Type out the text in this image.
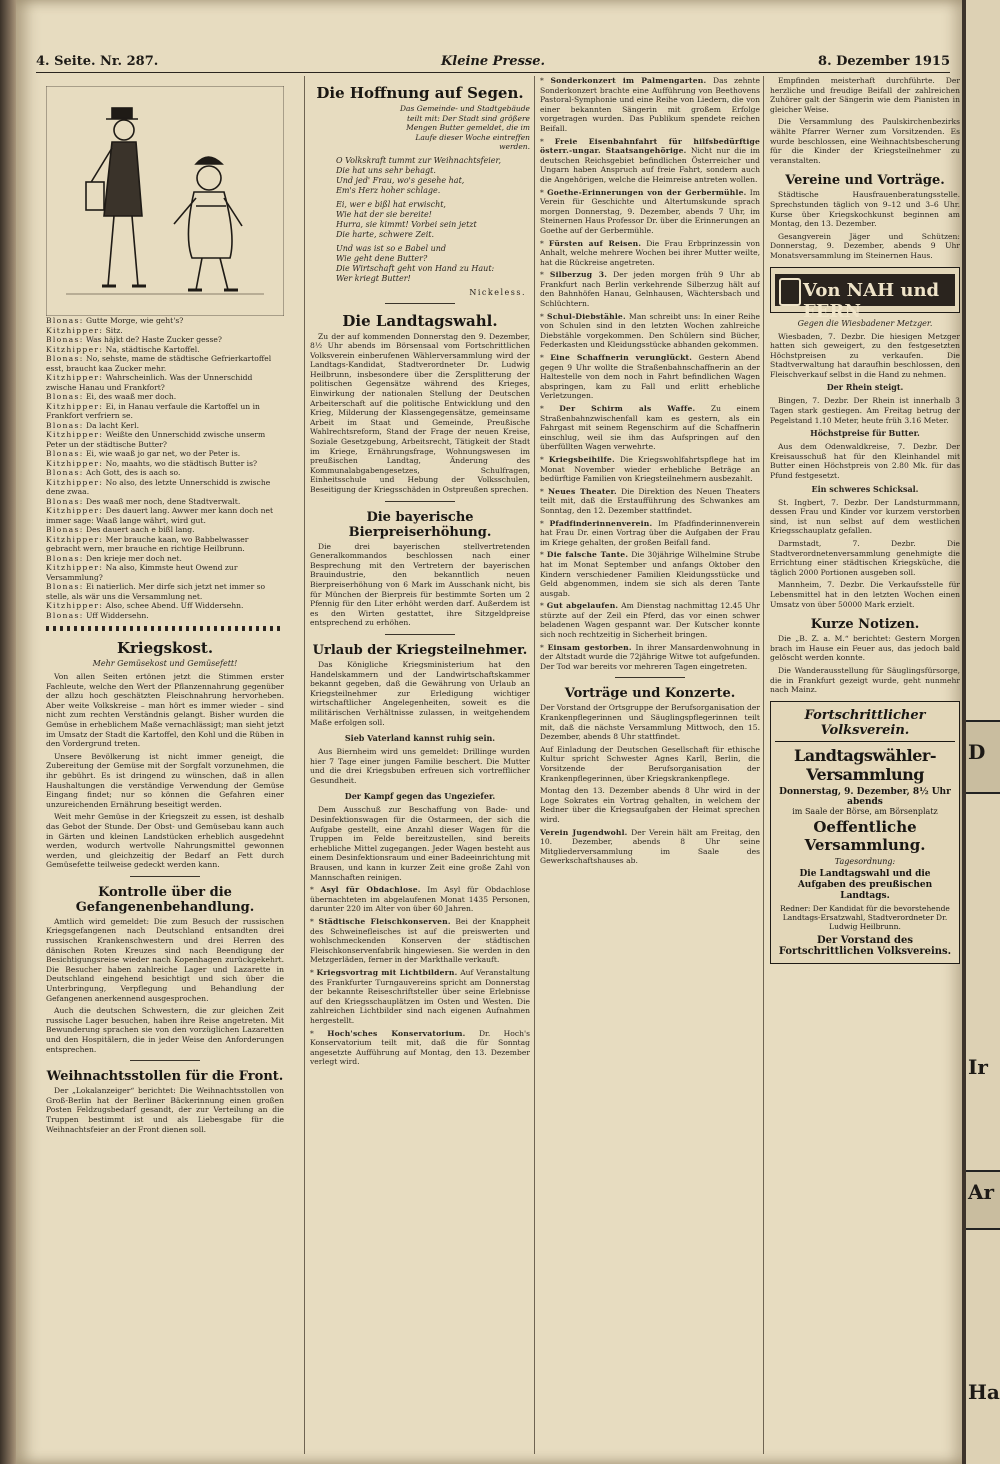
4. Seite. Nr. 287.	Kleine Presse.	8. Dezember 1915

Blonas: Gutte Morge, wie geht's?

Kitzhipper: Sitz.

Blonas: Was häjkt de? Haste Zucker gesse?

Kitzhipper: Na, städtische Kartoffel.

Blonas: No, sehste, mame de städtische Gefrierkartoffel esst, braucht kaa Zucker mehr.

Kitzhipper: Wahrscheinlich. Was der Unnerschidd zwische Hanau und Frankfort?

Blonas: Ei, des waaß mer doch.

Kitzhipper: Ei, in Hanau verfaule die Kartoffel un in Frankfort verfriern se.

Blonas: Da lacht Kerl.

Kitzhipper: Weißte den Unnerschidd zwische unserm Peter un der städtische Butter?

Blonas: Ei, wie waaß jo gar net, wo der Peter is.

Kitzhipper: No, maahts, wo die städtisch Butter is?

Blonas: Ach Gott, des is aach so.

Kitzhipper: No also, des letzte Unnerschidd is zwische dene zwaa.

Blonas: Des waaß mer noch, dene Stadtverwalt.

Kitzhipper: Des dauert lang. Awwer mer kann doch net immer sage: Waaß lange währt, wird gut.

Blonas: Des dauert aach e bißl lang.

Kitzhipper: Mer brauche kaan, wo Babbelwasser gebracht wern, mer brauche en richtige Heilbrunn.

Blonas: Den krieje mer doch net.

Kitzhipper: Na also, Kimmste heut Owend zur Versammlung?

Blonas: Ei natierlich. Mer dirfe sich jetzt net immer so stelle, als wär uns die Versammlung net.

Kitzhipper: Also, schee Abend. Uff Widdersehn.

Blonas: Uff Widdersehn.

Kriegskost.
Mehr Gemüsekost und Gemüsefett!

Von allen Seiten ertönen jetzt die Stimmen erster Fachleute, welche den Wert der Pflanzennahrung gegenüber der allzu hoch geschätzten Fleischnahrung hervorheben. Aber weite Volkskreise – man hört es immer wieder – sind nicht zum rechten Verständnis gelangt. Bisher wurden die Gemüse in erheblichem Maße vernachlässigt; man sieht jetzt im Umsatz der Stadt die Kartoffel, den Kohl und die Rüben in den Vordergrund treten.

Unsere Bevölkerung ist nicht immer geneigt, die Zubereitung der Gemüse mit der Sorgfalt vorzunehmen, die ihr gebührt. Es ist dringend zu wünschen, daß in allen Haushaltungen die verständige Verwendung der Gemüse Eingang findet; nur so können die Gefahren einer unzureichenden Ernährung beseitigt werden.

Weit mehr Gemüse in der Kriegszeit zu essen, ist deshalb das Gebot der Stunde. Der Obst- und Gemüsebau kann auch in Gärten und kleinen Landstücken erheblich ausgedehnt werden, wodurch wertvolle Nahrungsmittel gewonnen werden, und gleichzeitig der Bedarf an Fett durch Gemüsefette teilweise gedeckt werden kann.

Kontrolle über die Gefangenenbehandlung.

Amtlich wird gemeldet: Die zum Besuch der russischen Kriegsgefangenen nach Deutschland entsandten drei russischen Krankenschwestern und drei Herren des dänischen Roten Kreuzes sind nach Beendigung der Besichtigungsreise wieder nach Kopenhagen zurückgekehrt. Die Besucher haben zahlreiche Lager und Lazarette in Deutschland eingehend besichtigt und sich über die Unterbringung, Verpflegung und Behandlung der Gefangenen anerkennend ausgesprochen.

Auch die deutschen Schwestern, die zur gleichen Zeit russische Lager besuchen, haben ihre Reise angetreten. Mit Bewunderung sprachen sie von den vorzüglichen Lazaretten und den Hospitälern, die in jeder Weise den Anforderungen entsprechen.

Weihnachtsstollen für die Front.

Der „Lokalanzeiger“ berichtet: Die Weihnachtsstollen von Groß-Berlin hat der Berliner Bäckerinnung einen großen Posten Feldzugsbedarf gesandt, der zur Verteilung an die Truppen bestimmt ist und als Liebesgabe für die Weihnachtsfeier an der Front dienen soll.

Die Hoffnung auf Segen.

Das Gemeinde- und Stadtgebäude teilt mit: Der Stadt sind größere Mengen Butter gemeldet, die im Laufe dieser Woche eintreffen werden.

O Volkskraft tummt zur Weihnachtsfeier,
Die hat uns sehr behagt.
Und jed' Frau, wo's gesehe hat,
Em's Herz hoher schlage.
Ei, wer e bißl hat erwischt,
Wie hat der sie bereite!
Hurra, sie kimmt! Vorbei sein jetzt
Die harte, schwere Zeit.
Und was ist so e Babel und
Wie geht dene Butter?
Die Wirtschaft geht von Hand zu Haut:
Wer kriegt Butter!
Nickeless.
Die Landtagswahl.

Zu der auf kommenden Donnerstag den 9. Dezember, 8½ Uhr abends im Börsensaal vom Fortschrittlichen Volksverein einberufenen Wählerversammlung wird der Landtags-Kandidat, Stadtverordneter Dr. Ludwig Heilbrunn, insbesondere über die Zersplitterung der politischen Gegensätze während des Krieges, Einwirkung der nationalen Stellung der Deutschen Arbeiterschaft auf die politische Entwicklung und den Krieg, Milderung der Klassengegensätze, gemeinsame Arbeit im Staat und Gemeinde, Preußische Wahlrechtsreform, Stand der Frage der neuen Kreise, Soziale Gesetzgebung, Arbeitsrecht, Tätigkeit der Stadt im Kriege, Ernährungsfrage, Wohnungswesen im preußischen Landtag, Änderung des Kommunalabgabengesetzes, Schulfragen, Einheitsschule und Hebung der Volksschulen, Beseitigung der Kriegsschäden in Ostpreußen sprechen.

Die bayerische Bierpreiserhöhung.

Die drei bayerischen stellvertretenden Generalkommandos beschlossen nach einer Besprechung mit den Vertretern der bayerischen Brauindustrie, den bekanntlich neuen Bierpreiserhöhung von 6 Mark im Ausschank nicht, bis für München der Bierpreis für bestimmte Sorten um 2 Pfennig für den Liter erhöht werden darf. Außerdem ist es den Wirten gestattet, ihre Sitzgeldpreise entsprechend zu erhöhen.

Urlaub der Kriegsteilnehmer.

Das Königliche Kriegsministerium hat den Handelskammern und der Landwirtschaftskammer bekannt gegeben, daß die Gewährung von Urlaub an Kriegsteilnehmer zur Erledigung wichtiger wirtschaftlicher Angelegenheiten, soweit es die militärischen Verhältnisse zulassen, in weitgehendem Maße erfolgen soll.

Sieb Vaterland kannst ruhig sein.

Aus Biernheim wird uns gemeldet: Drillinge wurden hier 7 Tage einer jungen Familie beschert. Die Mutter und die drei Kriegsbuben erfreuen sich vortrefflicher Gesundheit.

Der Kampf gegen das Ungeziefer.

Dem Ausschuß zur Beschaffung von Bade- und Desinfektionswagen für die Ostarmeen, der sich die Aufgabe gestellt, eine Anzahl dieser Wagen für die Truppen im Felde bereitzustellen, sind bereits erhebliche Mittel zugegangen. Jeder Wagen besteht aus einem Desinfektionsraum und einer Badeeinrichtung mit Brausen, und kann in kurzer Zeit eine große Zahl von Mannschaften reinigen.

* Asyl für Obdachlose. Im Asyl für Obdachlose übernachteten im abgelaufenen Monat 1435 Personen, darunter 220 im Alter von über 60 Jahren.

* Städtische Fleischkonserven. Bei der Knappheit des Schweinefleisches ist auf die preiswerten und wohlschmeckenden Konserven der städtischen Fleischkonservenfabrik hingewiesen. Sie werden in den Metzgerläden, ferner in der Markthalle verkauft.

* Kriegsvortrag mit Lichtbildern. Auf Veranstaltung des Frankfurter Turngauvereins spricht am Donnerstag der bekannte Reiseschriftsteller über seine Erlebnisse auf den Kriegsschauplätzen im Osten und Westen. Die zahlreichen Lichtbilder sind nach eigenen Aufnahmen hergestellt.

* Hoch'sches Konservatorium. Dr. Hoch's Konservatorium teilt mit, daß die für Sonntag angesetzte Aufführung auf Montag, den 13. Dezember verlegt wird.

* Sonderkonzert im Palmengarten. Das zehnte Sonderkonzert brachte eine Aufführung von Beethovens Pastoral-Symphonie und eine Reihe von Liedern, die von einer bekannten Sängerin mit großem Erfolge vorgetragen wurden. Das Publikum spendete reichen Beifall.

* Freie Eisenbahnfahrt für hilfsbedürftige österr.-ungar. Staatsangehörige. Nicht nur die im deutschen Reichsgebiet befindlichen Österreicher und Ungarn haben Anspruch auf freie Fahrt, sondern auch die Angehörigen, welche die Heimreise antreten wollen.

* Goethe-Erinnerungen von der Gerbermühle. Im Verein für Geschichte und Altertumskunde sprach morgen Donnerstag, 9. Dezember, abends 7 Uhr, im Steinernen Haus Professor Dr. über die Erinnerungen an Goethe auf der Gerbermühle.

* Fürsten auf Reisen. Die Frau Erbprinzessin von Anhalt, welche mehrere Wochen bei ihrer Mutter weilte, hat die Rückreise angetreten.

* Silberzug 3. Der jeden morgen früh 9 Uhr ab Frankfurt nach Berlin verkehrende Silberzug hält auf den Bahnhöfen Hanau, Gelnhausen, Wächtersbach und Schlüchtern.

* Schul-Diebstähle. Man schreibt uns: In einer Reihe von Schulen sind in den letzten Wochen zahlreiche Diebstähle vorgekommen. Den Schülern sind Bücher, Federkasten und Kleidungsstücke abhanden gekommen.

* Eine Schaffnerin verunglückt. Gestern Abend gegen 9 Uhr wollte die Straßenbahnschaffnerin an der Haltestelle von dem noch in Fahrt befindlichen Wagen abspringen, kam zu Fall und erlitt erhebliche Verletzungen.

* Der Schirm als Waffe. Zu einem Straßenbahnzwischenfall kam es gestern, als ein Fahrgast mit seinem Regenschirm auf die Schaffnerin einschlug, weil sie ihm das Aufspringen auf den überfüllten Wagen verwehrte.

* Kriegsbeihilfe. Die Kriegswohlfahrtspflege hat im Monat November wieder erhebliche Beträge an bedürftige Familien von Kriegsteilnehmern ausbezahlt.

* Neues Theater. Die Direktion des Neuen Theaters teilt mit, daß die Erstaufführung des Schwankes am Sonntag, den 12. Dezember stattfindet.

* Pfadfinderinnenverein. Im Pfadfinderinnenverein hat Frau Dr. einen Vortrag über die Aufgaben der Frau im Kriege gehalten, der großen Beifall fand.

* Die falsche Tante. Die 30jährige Wilhelmine Strube hat im Monat September und anfangs Oktober den Kindern verschiedener Familien Kleidungsstücke und Geld abgenommen, indem sie sich als deren Tante ausgab.

* Gut abgelaufen. Am Dienstag nachmittag 12.45 Uhr stürzte auf der Zeil ein Pferd, das vor einen schwer beladenen Wagen gespannt war. Der Kutscher konnte sich noch rechtzeitig in Sicherheit bringen.

* Einsam gestorben. In ihrer Mansardenwohnung in der Altstadt wurde die 72jährige Witwe tot aufgefunden. Der Tod war bereits vor mehreren Tagen eingetreten.

Vorträge und Konzerte.

Der Vorstand der Ortsgruppe der Berufsorganisation der Krankenpflegerinnen und Säuglingspflegerinnen teilt mit, daß die nächste Versammlung Mittwoch, den 15. Dezember, abends 8 Uhr stattfindet.

Auf Einladung der Deutschen Gesellschaft für ethische Kultur spricht Schwester Agnes Karll, Berlin, die Vorsitzende der Berufsorganisation der Krankenpflegerinnen, über Kriegskrankenpflege.

Montag den 13. Dezember abends 8 Uhr wird in der Loge Sokrates ein Vortrag gehalten, in welchem der Redner über die Kriegsaufgaben der Heimat sprechen wird.

Verein Jugendwohl. Der Verein hält am Freitag, den 10. Dezember, abends 8 Uhr seine Mitgliederversammlung im Saale des Gewerkschaftshauses ab.

Empfinden meisterhaft durchführte. Der herzliche und freudige Beifall der zahlreichen Zuhörer galt der Sängerin wie dem Pianisten in gleicher Weise.

Die Versammlung des Paulskirchenbezirks wählte Pfarrer Werner zum Vorsitzenden. Es wurde beschlossen, eine Weihnachtsbescherung für die Kinder der Kriegsteilnehmer zu veranstalten.

Vereine und Vorträge.

Städtische Hausfrauenberatungsstelle. Sprechstunden täglich von 9–12 und 3–6 Uhr. Kurse über Kriegskochkunst beginnen am Montag, den 13. Dezember.

Gesangverein Jäger und Schützen: Donnerstag, 9. Dezember, abends 9 Uhr Monatsversammlung im Steinernen Haus.

Von NAH und FERN
Gegen die Wiesbadener Metzger.

Wiesbaden, 7. Dezbr. Die hiesigen Metzger hatten sich geweigert, zu den festgesetzten Höchstpreisen zu verkaufen. Die Stadtverwaltung hat daraufhin beschlossen, den Fleischverkauf selbst in die Hand zu nehmen.

Der Rhein steigt.

Bingen, 7. Dezbr. Der Rhein ist innerhalb 3 Tagen stark gestiegen. Am Freitag betrug der Pegelstand 1.10 Meter, heute früh 3.16 Meter.

Höchstpreise für Butter.

Aus dem Odenwaldkreise, 7. Dezbr. Der Kreisausschuß hat für den Kleinhandel mit Butter einen Höchstpreis von 2.80 Mk. für das Pfund festgesetzt.

Ein schweres Schicksal.

St. Ingbert, 7. Dezbr. Der Landsturmmann, dessen Frau und Kinder vor kurzem verstorben sind, ist nun selbst auf dem westlichen Kriegsschauplatz gefallen.

Darmstadt, 7. Dezbr. Die Stadtverordnetenversammlung genehmigte die Errichtung einer städtischen Kriegsküche, die täglich 2000 Portionen ausgeben soll.

Mannheim, 7. Dezbr. Die Verkaufsstelle für Lebensmittel hat in den letzten Wochen einen Umsatz von über 50000 Mark erzielt.

Kurze Notizen.

Die „B. Z. a. M.“ berichtet: Gestern Morgen brach im Hause ein Feuer aus, das jedoch bald gelöscht werden konnte.

Die Wanderausstellung für Säuglingsfürsorge, die in Frankfurt gezeigt wurde, geht nunmehr nach Mainz.

Fortschrittlicher Volksverein.
Landtagswähler-Versammlung
Donnerstag, 9. Dezember, 8½ Uhr abends
im Saale der Börse, am Börsenplatz
Oeffentliche Versammlung.
Tagesordnung:
Die Landtagswahl und die Aufgaben des preußischen Landtags.
Redner: Der Kandidat für die bevorstehende Landtags-Ersatzwahl, Stadtverordneter Dr. Ludwig Heilbrunn.
Der Vorstand des Fortschrittlichen Volksvereins.
D
Ir
Ar
Ha
